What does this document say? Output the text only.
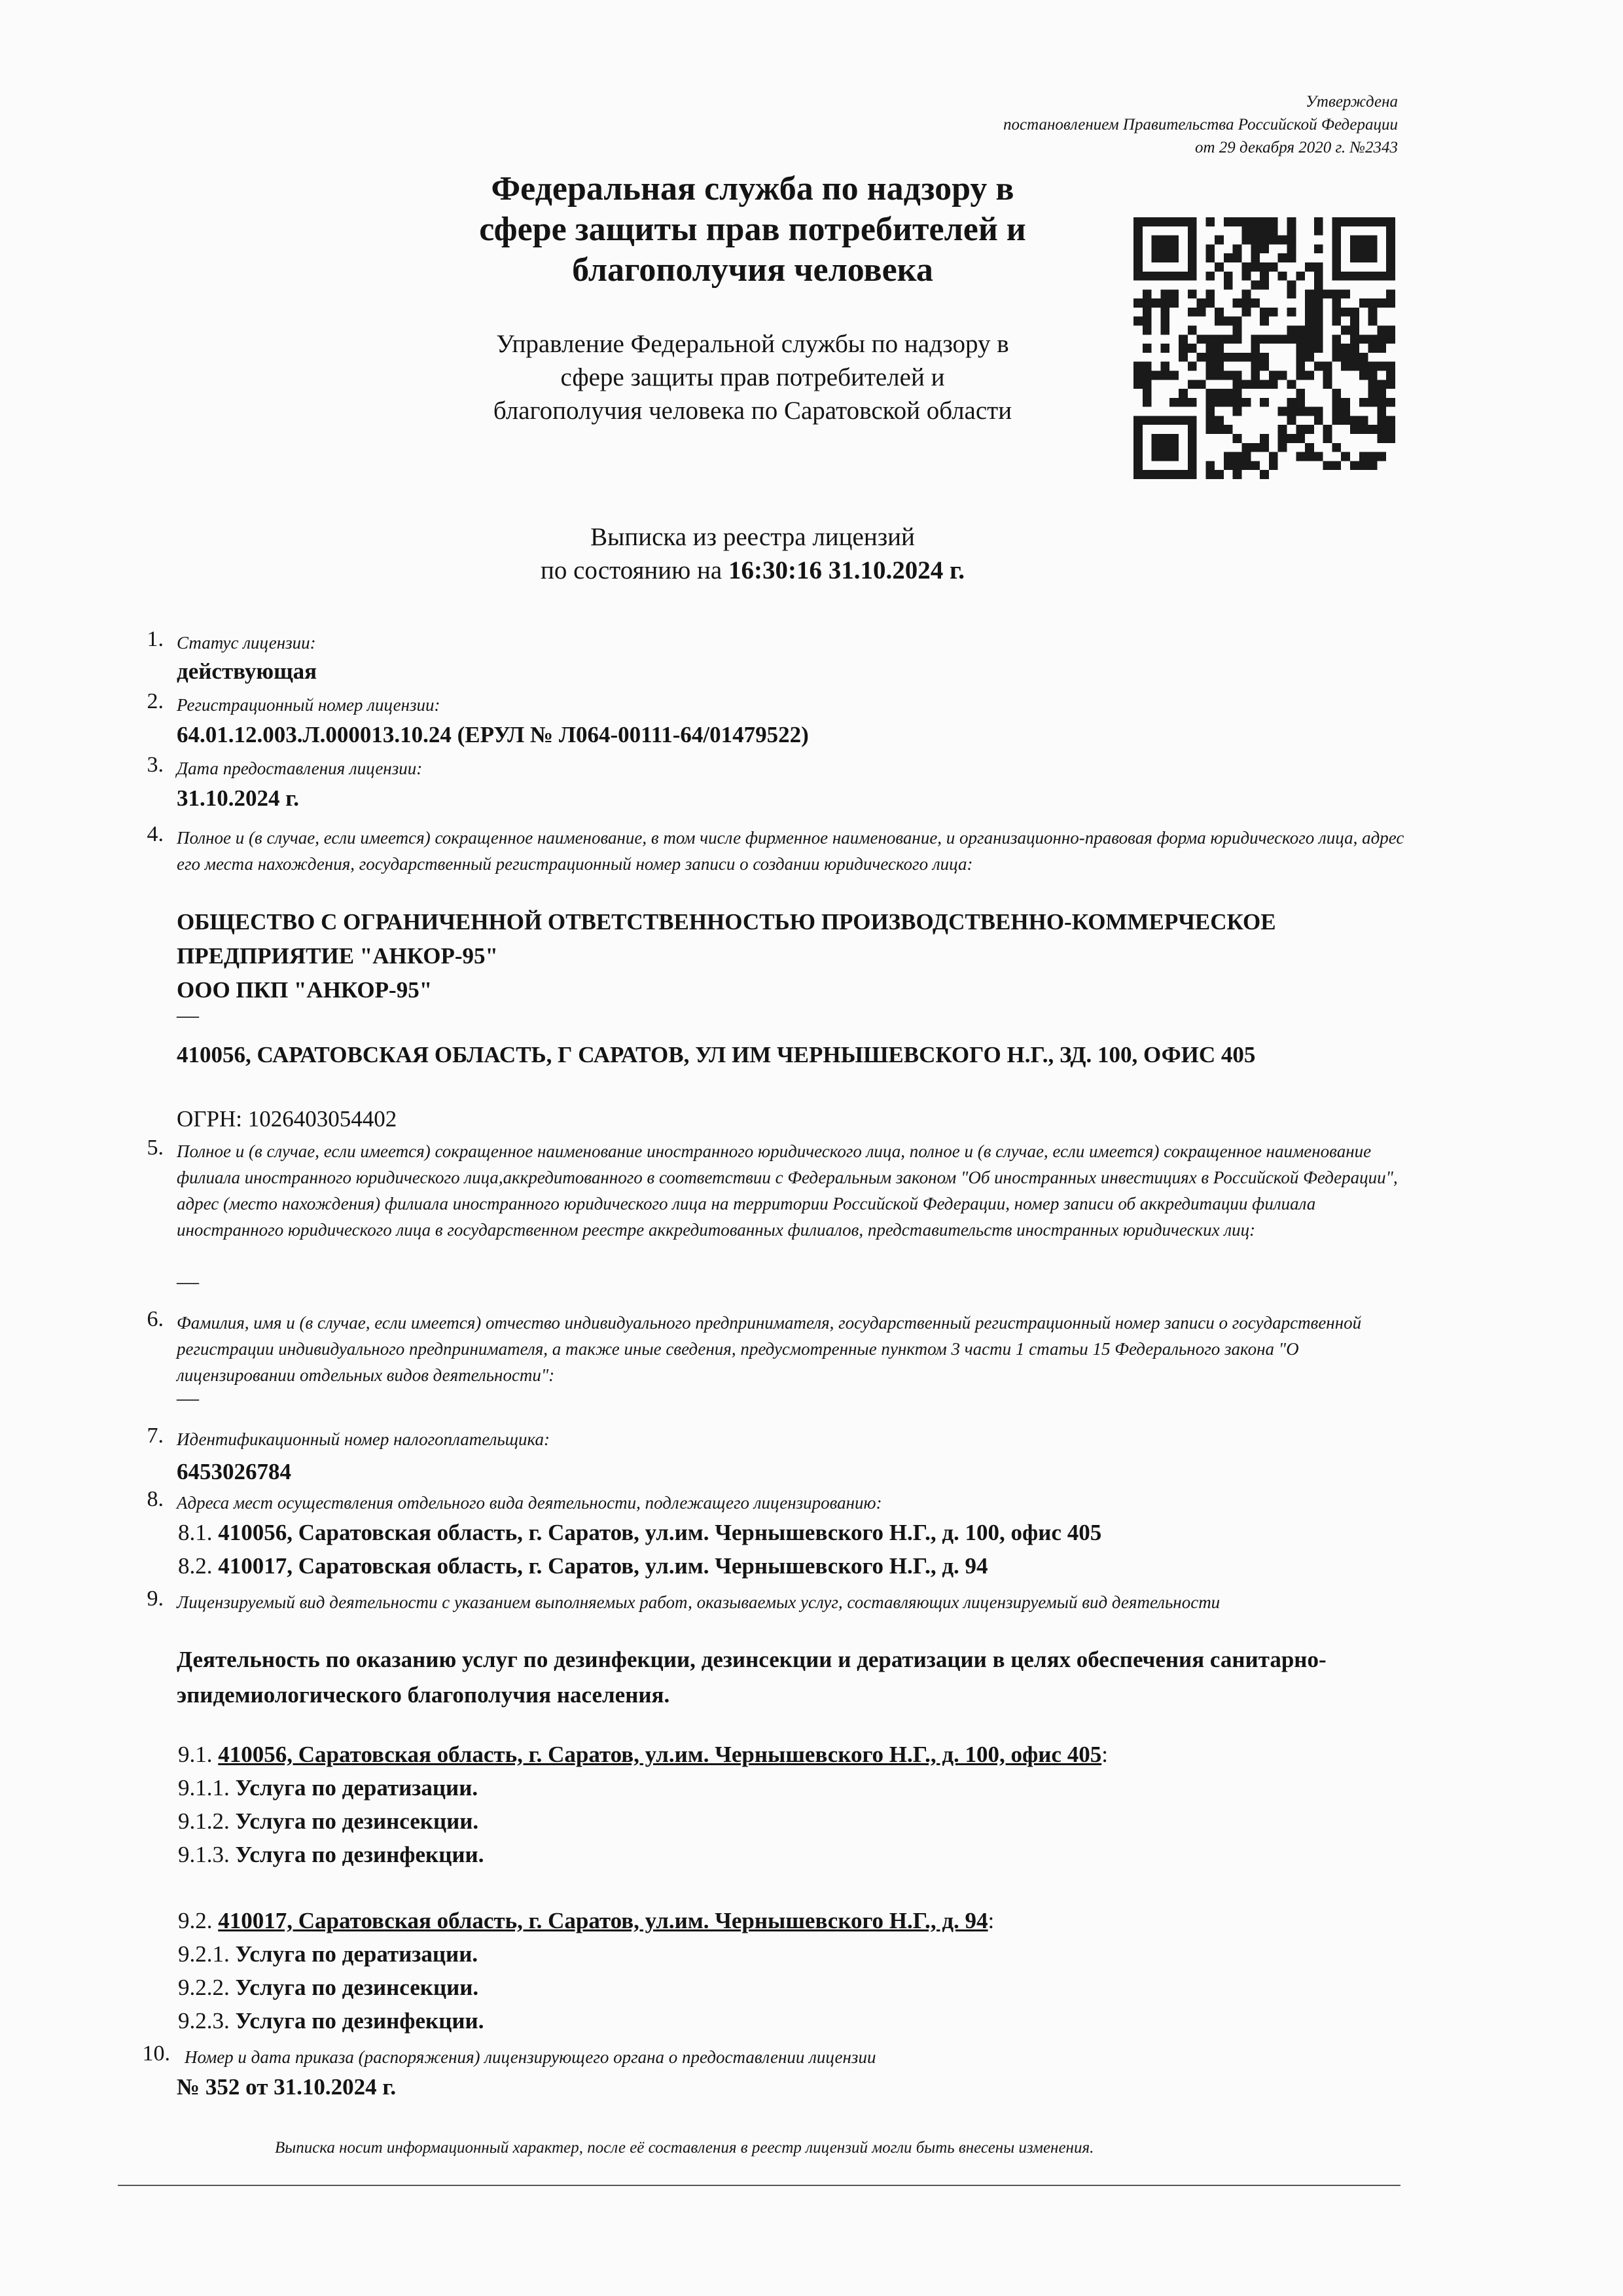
Утверждена
постановлением Правительства Российской Федерации
от 29 декабря 2020 г. №2343
Федеральная служба по надзору в
сфере защиты прав потребителей и
благополучия человека
Управление Федеральной службы по надзору в
сфере защиты прав потребителей и
благополучия человека по Саратовской области
Выписка из реестра лицензий
по состоянию на 16:30:16 31.10.2024 г.
1. Статус лицензии:
действующая
2. Регистрационный номер лицензии:
64.01.12.003.Л.000013.10.24 (ЕРУЛ № Л064-00111-64/01479522)
3. Дата предоставления лицензии:
31.10.2024 г.
4. Полное и (в случае, если имеется) сокращенное наименование, в том числе фирменное наименование, и организационно-правовая форма юридического лица, адрес его места нахождения, государственный регистрационный номер записи о создании юридического лица:
ОБЩЕСТВО С ОГРАНИЧЕННОЙ ОТВЕТСТВЕННОСТЬЮ ПРОИЗВОДСТВЕННО-КОММЕРЧЕСКОЕ ПРЕДПРИЯТИЕ "АНКОР-95"
ООО ПКП "АНКОР-95"
—
410056, САРАТОВСКАЯ ОБЛАСТЬ, Г САРАТОВ, УЛ ИМ ЧЕРНЫШЕВСКОГО Н.Г., ЗД. 100, ОФИС 405
ОГРН: 1026403054402
5. Полное и (в случае, если имеется) сокращенное наименование иностранного юридического лица, полное и (в случае, если имеется) сокращенное наименование филиала иностранного юридического лица,аккредитованного в соответствии с Федеральным законом "Об иностранных инвестициях в Российской Федерации", адрес (место нахождения) филиала иностранного юридического лица на территории Российской Федерации, номер записи об аккредитации филиала иностранного юридического лица в государственном реестре аккредитованных филиалов, представительств иностранных юридических лиц:
—
6. Фамилия, имя и (в случае, если имеется) отчество индивидуального предпринимателя, государственный регистрационный номер записи о государственной регистрации индивидуального предпринимателя, а также иные сведения, предусмотренные пунктом 3 части 1 статьи 15 Федерального закона "О лицензировании отдельных видов деятельности":
—
7. Идентификационный номер налогоплательщика:
6453026784
8. Адреса мест осуществления отдельного вида деятельности, подлежащего лицензированию:
8.1. 410056, Саратовская область, г. Саратов, ул.им. Чернышевского Н.Г., д. 100, офис 405
8.2. 410017, Саратовская область, г. Саратов, ул.им. Чернышевского Н.Г., д. 94
9. Лицензируемый вид деятельности с указанием выполняемых работ, оказываемых услуг, составляющих лицензируемый вид деятельности
Деятельность по оказанию услуг по дезинфекции, дезинсекции и дератизации в целях обеспечения санитарно-эпидемиологического благополучия населения.
9.1. 410056, Саратовская область, г. Саратов, ул.им. Чернышевского Н.Г., д. 100, офис 405:
9.1.1. Услуга по дератизации.
9.1.2. Услуга по дезинсекции.
9.1.3. Услуга по дезинфекции.
9.2. 410017, Саратовская область, г. Саратов, ул.им. Чернышевского Н.Г., д. 94:
9.2.1. Услуга по дератизации.
9.2.2. Услуга по дезинсекции.
9.2.3. Услуга по дезинфекции.
10. Номер и дата приказа (распоряжения) лицензирующего органа о предоставлении лицензии
№ 352 от 31.10.2024 г.
Выписка носит информационный характер, после её составления в реестр лицензий могли быть внесены изменения.
